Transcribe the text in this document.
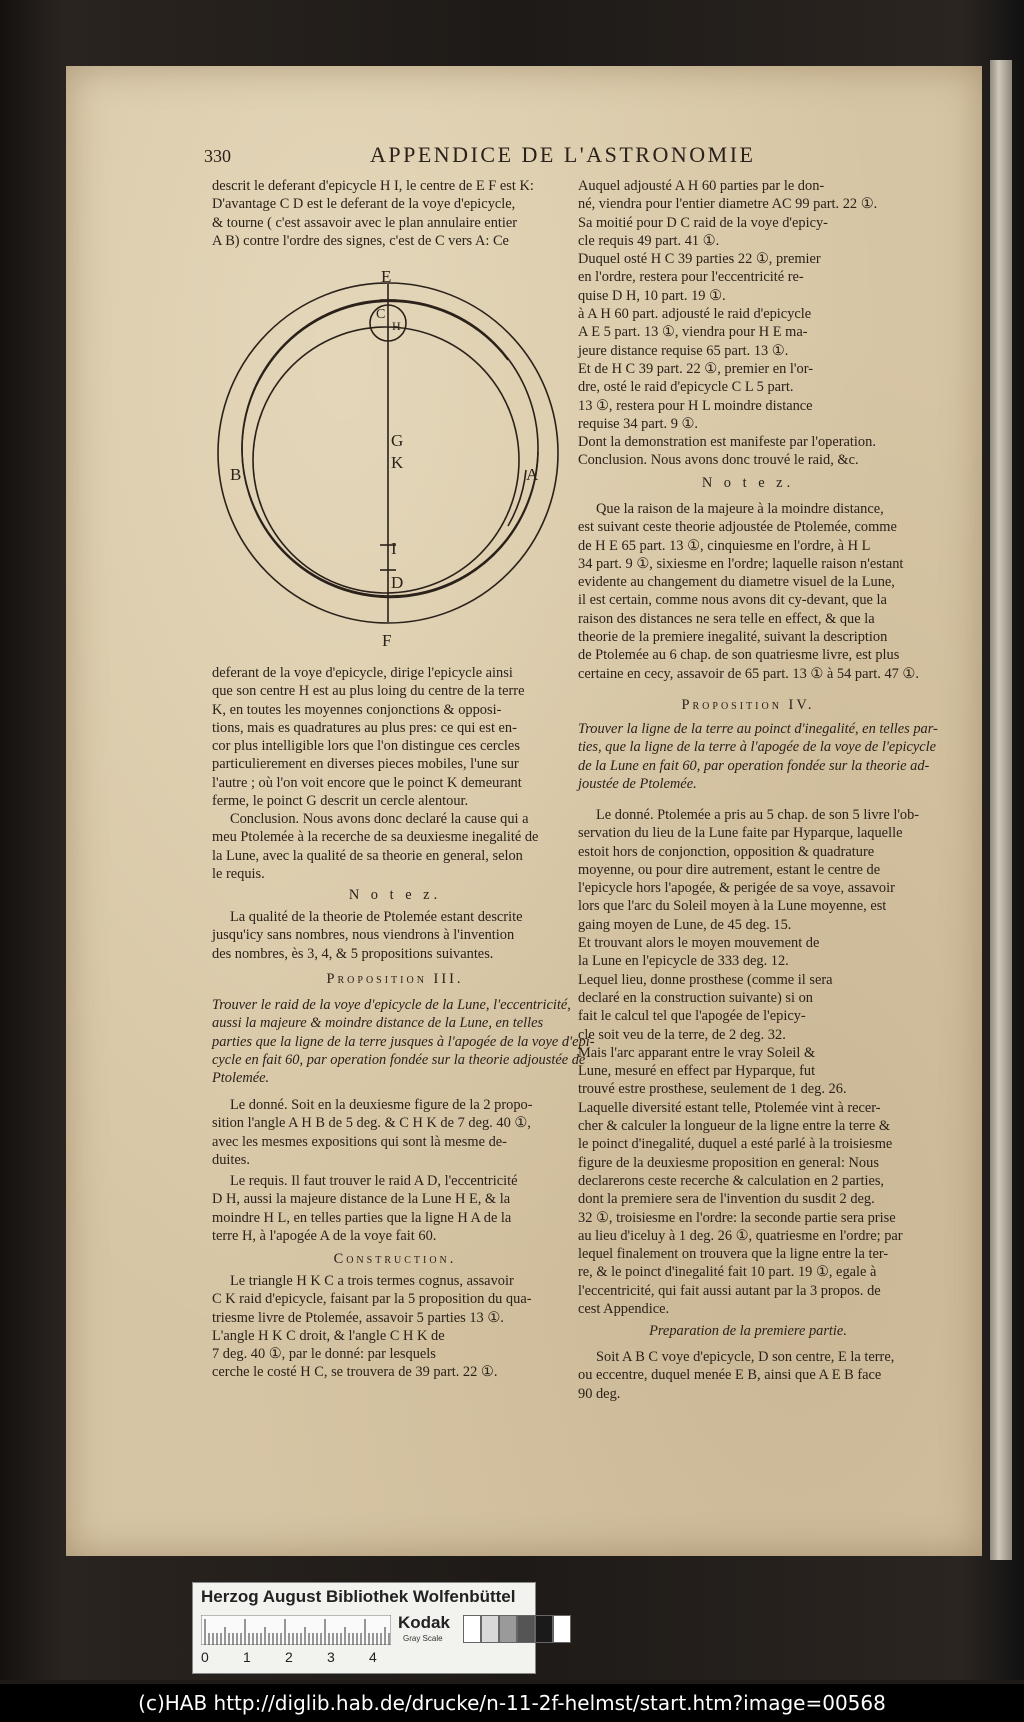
330	APPENDICE DE L'ASTRONOMIE

descrit le deferant d'epicycle H I, le centre de E F est K:

D'avantage C D est le deferant de la voye d'epicycle,

& tourne ( c'est assavoir avec le plan annulaire entier

A B) contre l'ordre des signes, c'est de C vers A: Ce

E
C
H
G
K
I
D
F
B	A

deferant de la voye d'epicycle, dirige l'epicycle ainsi

que son centre H est au plus loing du centre de la terre

K, en toutes les moyennes conjonctions & opposi-

tions, mais es quadratures au plus pres: ce qui est en-

cor plus intelligible lors que l'on distingue ces cercles

particulierement en diverses pieces mobiles, l'une sur

l'autre ; où l'on voit encore que le poinct K demeurant

ferme, le poinct G descrit un cercle alentour.

Conclusion. Nous avons donc declaré la cause qui a

meu Ptolemée à la recerche de sa deuxiesme inegalité de

la Lune, avec la qualité de sa theorie en general, selon

le requis.

N o t e z.

La qualité de la theorie de Ptolemée estant descrite

jusqu'icy sans nombres, nous viendrons à l'invention

des nombres, ès 3, 4, & 5 propositions suivantes.

Proposition III.

Trouver le raid de la voye d'epicycle de la Lune, l'eccentricité,

aussi la majeure & moindre distance de la Lune, en telles

parties que la ligne de la terre jusques à l'apogée de la voye d'epi-

cycle en fait 60, par operation fondée sur la theorie adjoustée de

Ptolemée.

Le donné. Soit en la deuxiesme figure de la 2 propo-

sition l'angle A H B de 5 deg. & C H K de 7 deg. 40 ①,

avec les mesmes expositions qui sont là mesme de-

duites.

Le requis. Il faut trouver le raid A D, l'eccentricité

D H, aussi la majeure distance de la Lune H E, & la

moindre H L, en telles parties que la ligne H A de la

terre H, à l'apogée A de la voye fait 60.

Construction.

Le triangle H K C a trois termes cognus, assavoir

C K raid d'epicycle, faisant par la 5 proposition du qua-

triesme livre de Ptolemée, assavoir 5 parties 13 ①.

L'angle H K C droit, & l'angle C H K de

7 deg. 40 ①, par le donné: par lesquels

cerche le costé H C, se trouvera de 39 part. 22 ①.

Auquel adjousté A H 60 parties par le don-

né, viendra pour l'entier diametre AC 99 part. 22 ①.

Sa moitié pour D C raid de la voye d'epicy-

cle requis 49 part. 41 ①.

Duquel osté H C 39 parties 22 ①, premier

en l'ordre, restera pour l'eccentricité re-

quise D H, 10 part. 19 ①.

à A H 60 part. adjousté le raid d'epicycle

A E 5 part. 13 ①, viendra pour H E ma-

jeure distance requise 65 part. 13 ①.

Et de H C 39 part. 22 ①, premier en l'or-

dre, osté le raid d'epicycle C L 5 part.

13 ①, restera pour H L moindre distance

requise 34 part. 9 ①.

Dont la demonstration est manifeste par l'operation.

Conclusion. Nous avons donc trouvé le raid, &c.

N o t e z.

Que la raison de la majeure à la moindre distance,

est suivant ceste theorie adjoustée de Ptolemée, comme

de H E 65 part. 13 ①, cinquiesme en l'ordre, à H L

34 part. 9 ①, sixiesme en l'ordre; laquelle raison n'estant

evidente au changement du diametre visuel de la Lune,

il est certain, comme nous avons dit cy-devant, que la

raison des distances ne sera telle en effect, & que la

theorie de la premiere inegalité, suivant la description

de Ptolemée au 6 chap. de son quatriesme livre, est plus

certaine en cecy, assavoir de 65 part. 13 ① à 54 part. 47 ①.

Proposition IV.

Trouver la ligne de la terre au poinct d'inegalité, en telles par-

ties, que la ligne de la terre à l'apogée de la voye de l'epicycle

de la Lune en fait 60, par operation fondée sur la theorie ad-

joustée de Ptolemée.

Le donné. Ptolemée a pris au 5 chap. de son 5 livre l'ob-

servation du lieu de la Lune faite par Hyparque, laquelle

estoit hors de conjonction, opposition & quadrature

moyenne, ou pour dire autrement, estant le centre de

l'epicycle hors l'apogée, & perigée de sa voye, assavoir

lors que l'arc du Soleil moyen à la Lune moyenne, est

gaing moyen de Lune, de 45 deg. 15.

Et trouvant alors le moyen mouvement de

la Lune en l'epicycle de 333 deg. 12.

Lequel lieu, donne prosthese (comme il sera

declaré en la construction suivante) si on

fait le calcul tel que l'apogée de l'epicy-

cle soit veu de la terre, de 2 deg. 32.

Mais l'arc apparant entre le vray Soleil &

Lune, mesuré en effect par Hyparque, fut

trouvé estre prosthese, seulement de 1 deg. 26.

Laquelle diversité estant telle, Ptolemée vint à recer-

cher & calculer la longueur de la ligne entre la terre &

le poinct d'inegalité, duquel a esté parlé à la troisiesme

figure de la deuxiesme proposition en general: Nous

declarerons ceste recerche & calculation en 2 parties,

dont la premiere sera de l'invention du susdit 2 deg.

32 ①, troisiesme en l'ordre: la seconde partie sera prise

au lieu d'iceluy à 1 deg. 26 ①, quatriesme en l'ordre; par

lequel finalement on trouvera que la ligne entre la ter-

re, & le poinct d'inegalité fait 10 part. 19 ①, egale à

l'eccentricité, qui fait aussi autant par la 3 propos. de

cest Appendice.

Preparation de la premiere partie.

Soit A B C voye d'epicycle, D son centre, E la terre,

ou eccentre, duquel menée E B, ainsi que A E B face

90 deg.

Herzog August Bibliothek Wolfenbüttel
Kodak
Gray Scale
0 1 2 3 4
(c)HAB http://diglib.hab.de/drucke/n-11-2f-helmst/start.htm?image=00568
